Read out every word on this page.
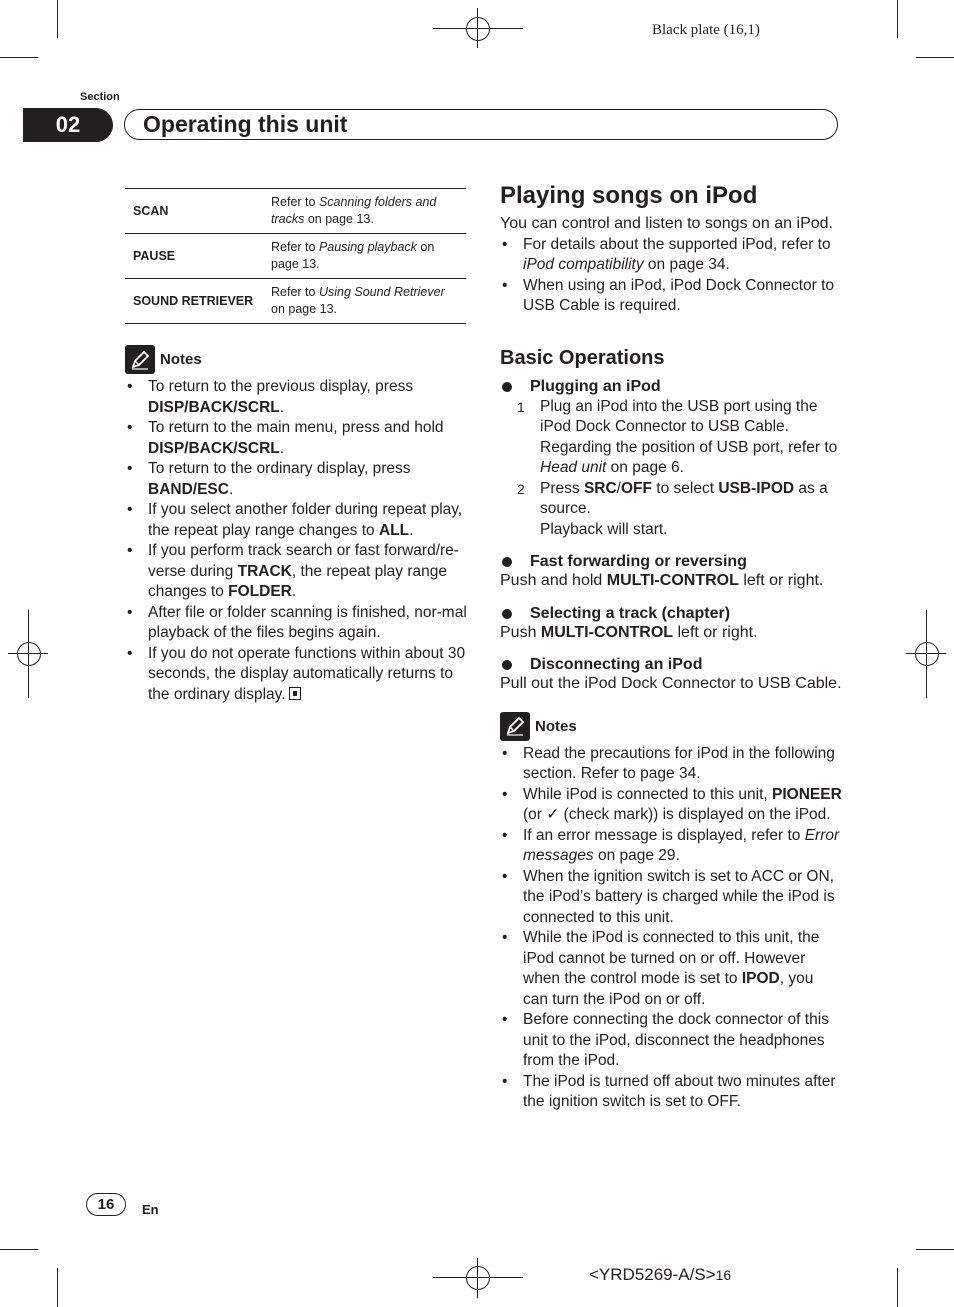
Black plate (16,1)
Section
02	Operating this unit
SCAN	Refer to Scanning folders and tracks on page 13.
PAUSE	Refer to Pausing playback on page 13.
SOUND RETRIEVER	Refer to Using Sound Retriever on page 13.
Notes
• To return to the previous display, press DISP/BACK/SCRL.
• To return to the main menu, press and hold DISP/BACK/SCRL.
• To return to the ordinary display, press BAND/ESC.
• If you select another folder during repeat play, the repeat play range changes to ALL.
• If you perform track search or fast forward/re-verse during TRACK, the repeat play range changes to FOLDER.
• After file or folder scanning is finished, nor-mal playback of the files begins again.
• If you do not operate functions within about 30 seconds, the display automatically returns to the ordinary display.
Playing songs on iPod
You can control and listen to songs on an iPod.
• For details about the supported iPod, refer to iPod compatibility on page 34.
• When using an iPod, iPod Dock Connector to USB Cable is required.
Basic Operations
Plugging an iPod
1 Plug an iPod into the USB port using the iPod Dock Connector to USB Cable.
Regarding the position of USB port, refer to Head unit on page 6.
2 Press SRC/OFF to select USB-IPOD as a source.
Playback will start.
Fast forwarding or reversing
Push and hold MULTI-CONTROL left or right.
Selecting a track (chapter)
Push MULTI-CONTROL left or right.
Disconnecting an iPod
Pull out the iPod Dock Connector to USB Cable.
Notes
• Read the precautions for iPod in the following section. Refer to page 34.
• While iPod is connected to this unit, PIONEER (or ✓ (check mark)) is displayed on the iPod.
• If an error message is displayed, refer to Error messages on page 29.
• When the ignition switch is set to ACC or ON, the iPod’s battery is charged while the iPod is connected to this unit.
• While the iPod is connected to this unit, the iPod cannot be turned on or off. However when the control mode is set to IPOD, you can turn the iPod on or off.
• Before connecting the dock connector of this unit to the iPod, disconnect the headphones from the iPod.
• The iPod is turned off about two minutes after the ignition switch is set to OFF.
16	En
<YRD5269-A/S>16
